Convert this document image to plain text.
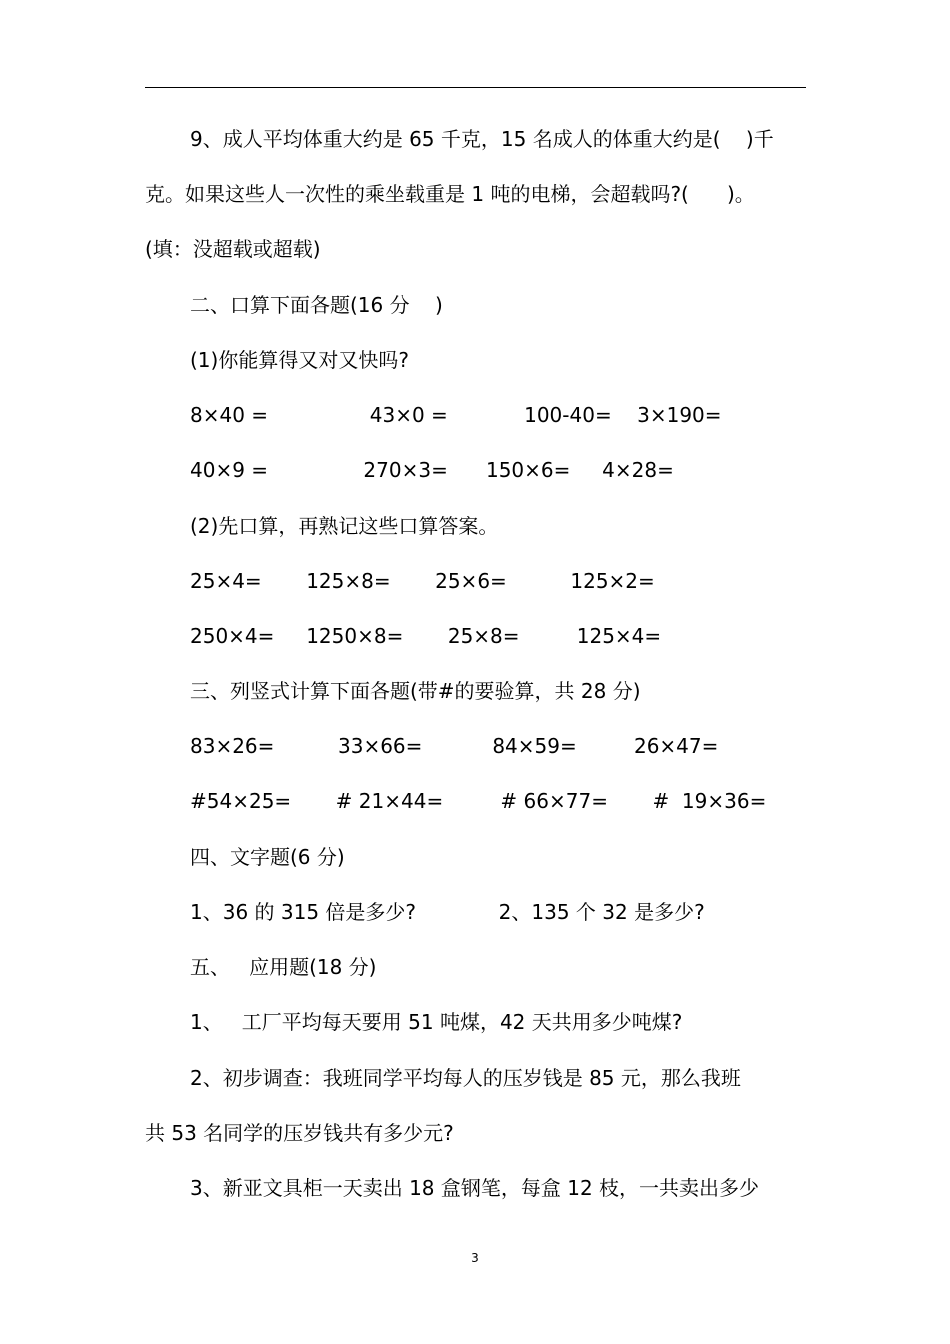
9、成人平均体重大约是 65 千克，15 名成人的体重大约是(    )千
克。如果这些人一次性的乘坐载重是 1 吨的电梯，会超载吗?(      )。
(填：没超载或超载)
二、口算下面各题(16 分    )
(1)你能算得又对又快吗?
8×40 =                43×0 =            100-40=    3×190=
40×9 =               270×3=      150×6=     4×28=
(2)先口算，再熟记这些口算答案。
25×4=       125×8=       25×6=          125×2=
250×4=     1250×8=       25×8=         125×4=
三、列竖式计算下面各题(带#的要验算，共 28 分)
83×26=          33×66=           84×59=         26×47=
#54×25=       # 21×44=         # 66×77=       #  19×36=
四、文字题(6 分)
1、36 的 315 倍是多少?             2、135 个 32 是多少?
五、   应用题(18 分)
1、   工厂平均每天要用 51 吨煤，42 天共用多少吨煤?
2、初步调查：我班同学平均每人的压岁钱是 85 元，那么我班
共 53 名同学的压岁钱共有多少元?
3、新亚文具柜一天卖出 18 盒钢笔，每盒 12 枝，一共卖出多少
3
